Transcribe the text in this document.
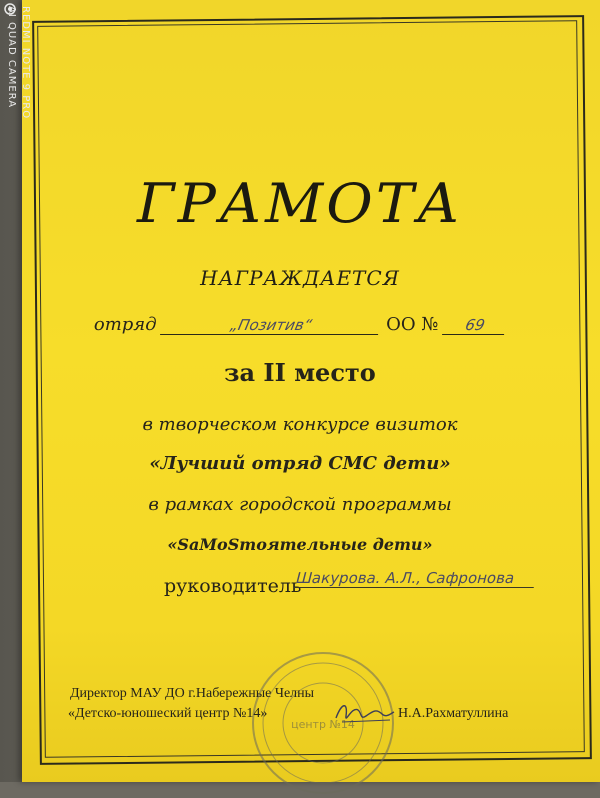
REDMI NOTE 9 PRO
AI QUAD CAMERA
ГРАМОТА
НАГРАЖДАЕТСЯ
отряд	„Позитив“	ОО № 69
за II место
в творческом конкурсе визиток
«Лучший отряд СМС дети»
в рамках городской программы
«SaMoSтоятельные дети»
руководитель
Шакурова. А.Л., Сафронова
центр №14
Директор МАУ ДО г.Набережные Челны
«Детско-юношеский центр №14»	Н.А.Рахматуллина
